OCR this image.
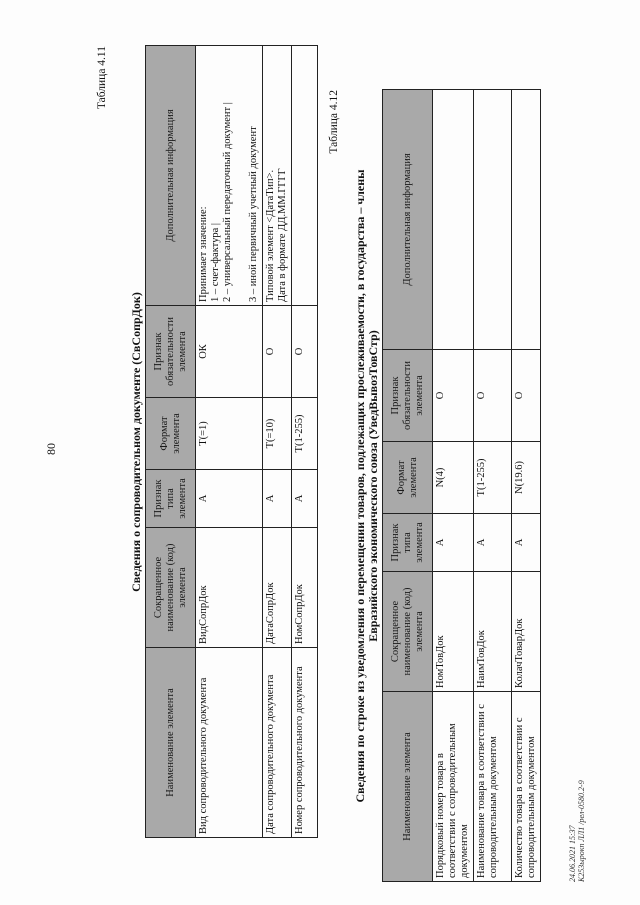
80
Таблица 4.11
Сведения о сопроводительном документе (СвСопрДок)
Наименование элемента	Сокращенное наименование (код) элемента	Признак типа элемента	Формат элемента	Признак обязательности элемента	Дополнительная информация
Вид сопроводительного документа	ВидСопрДок	А	Т(=1)	ОК	Принимает значение: 1 – счет-фактура | 2 – универсальный передаточный документ | 3 – иной первичный учетный документ

Дата сопроводительного документа	ДатаСопрДок	А	Т(=10)	О	Типовой элемент <ДатаТип>. Дата в формате ДД.ММ.ГГГГ

Номер сопроводительного документа	НомСопрДок	А	Т(1-255)	О	
Таблица 4.12
Сведения по строке из уведомления о перемещении товаров, подлежащих прослеживаемости, в государства – члены Евразийского экономического союза (УведВывозТовСтр)
Наименование элемента	Сокращенное наименование (код) элемента	Признак типа элемента	Формат элемента	Признак обязательности элемента	Дополнительная информация
Порядковый номер товара в соответствии с сопроводительным документом	НомТовДок	А	N(4)	О	
Наименование товара в соответствии с сопроводительным документом	НаимТовДок	А	Т(1-255)	О	
Количество товара в соответствии с сопроводительным документом	КолачТоварДок	А	N(19.6)	О	
24.06.2021 15:37 К253ырокп ЛЛ1 /рел-0580.2-9
